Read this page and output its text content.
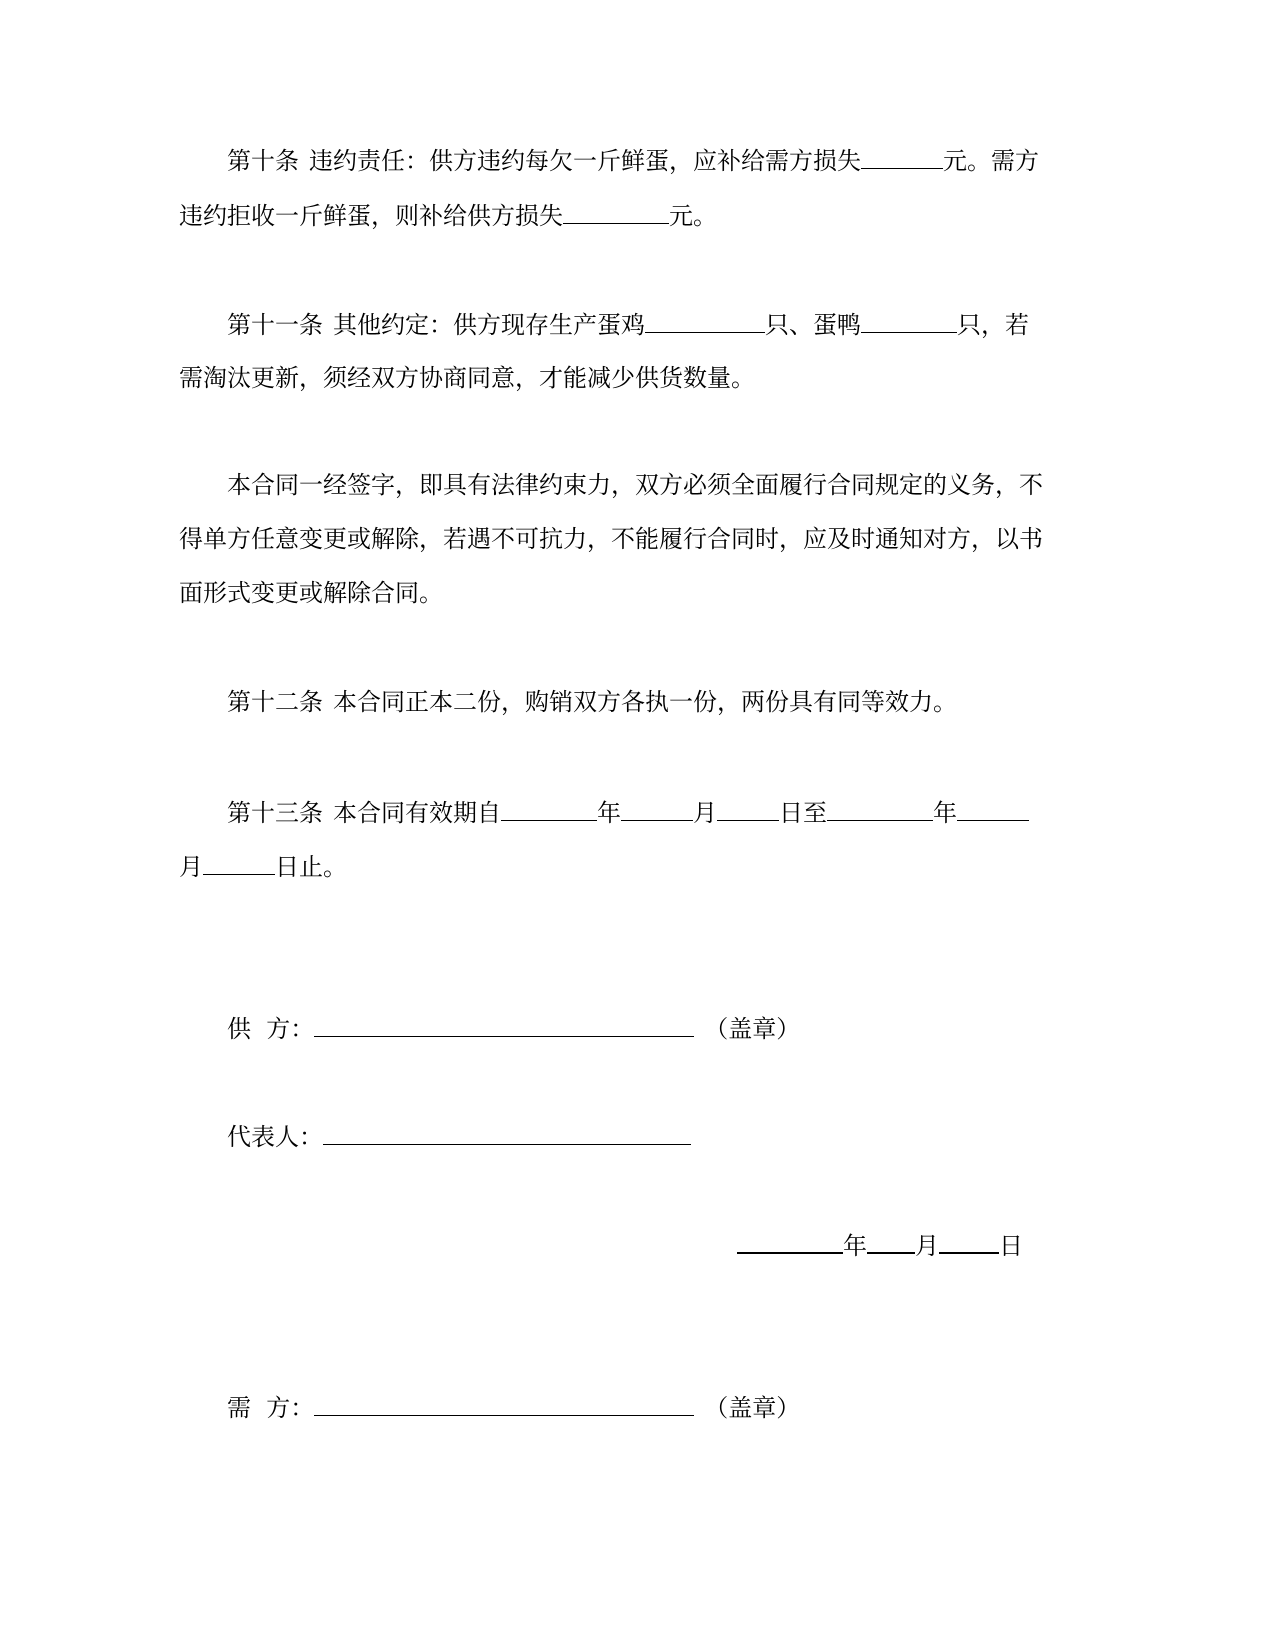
第十条 违约责任：供方违约每欠一斤鲜蛋，应补给需方损失	元。需方
违约拒收一斤鲜蛋，则补给供方损失	元。
第十一条 其他约定：供方现存生产蛋鸡	只、蛋鸭	只，若
需淘汰更新，须经双方协商同意，才能减少供货数量。
本合同一经签字，即具有法律约束力，双方必须全面履行合同规定的义务，不
得单方任意变更或解除，若遇不可抗力，不能履行合同时，应及时通知对方，以书
面形式变更或解除合同。
第十二条 本合同正本二份，购销双方各执一份，两份具有同等效力。
第十三条 本合同有效期自	年	月	日至	年
月	日止。
供  方：	（盖章）
代表人：
年 月	日
需  方：	（盖章）
